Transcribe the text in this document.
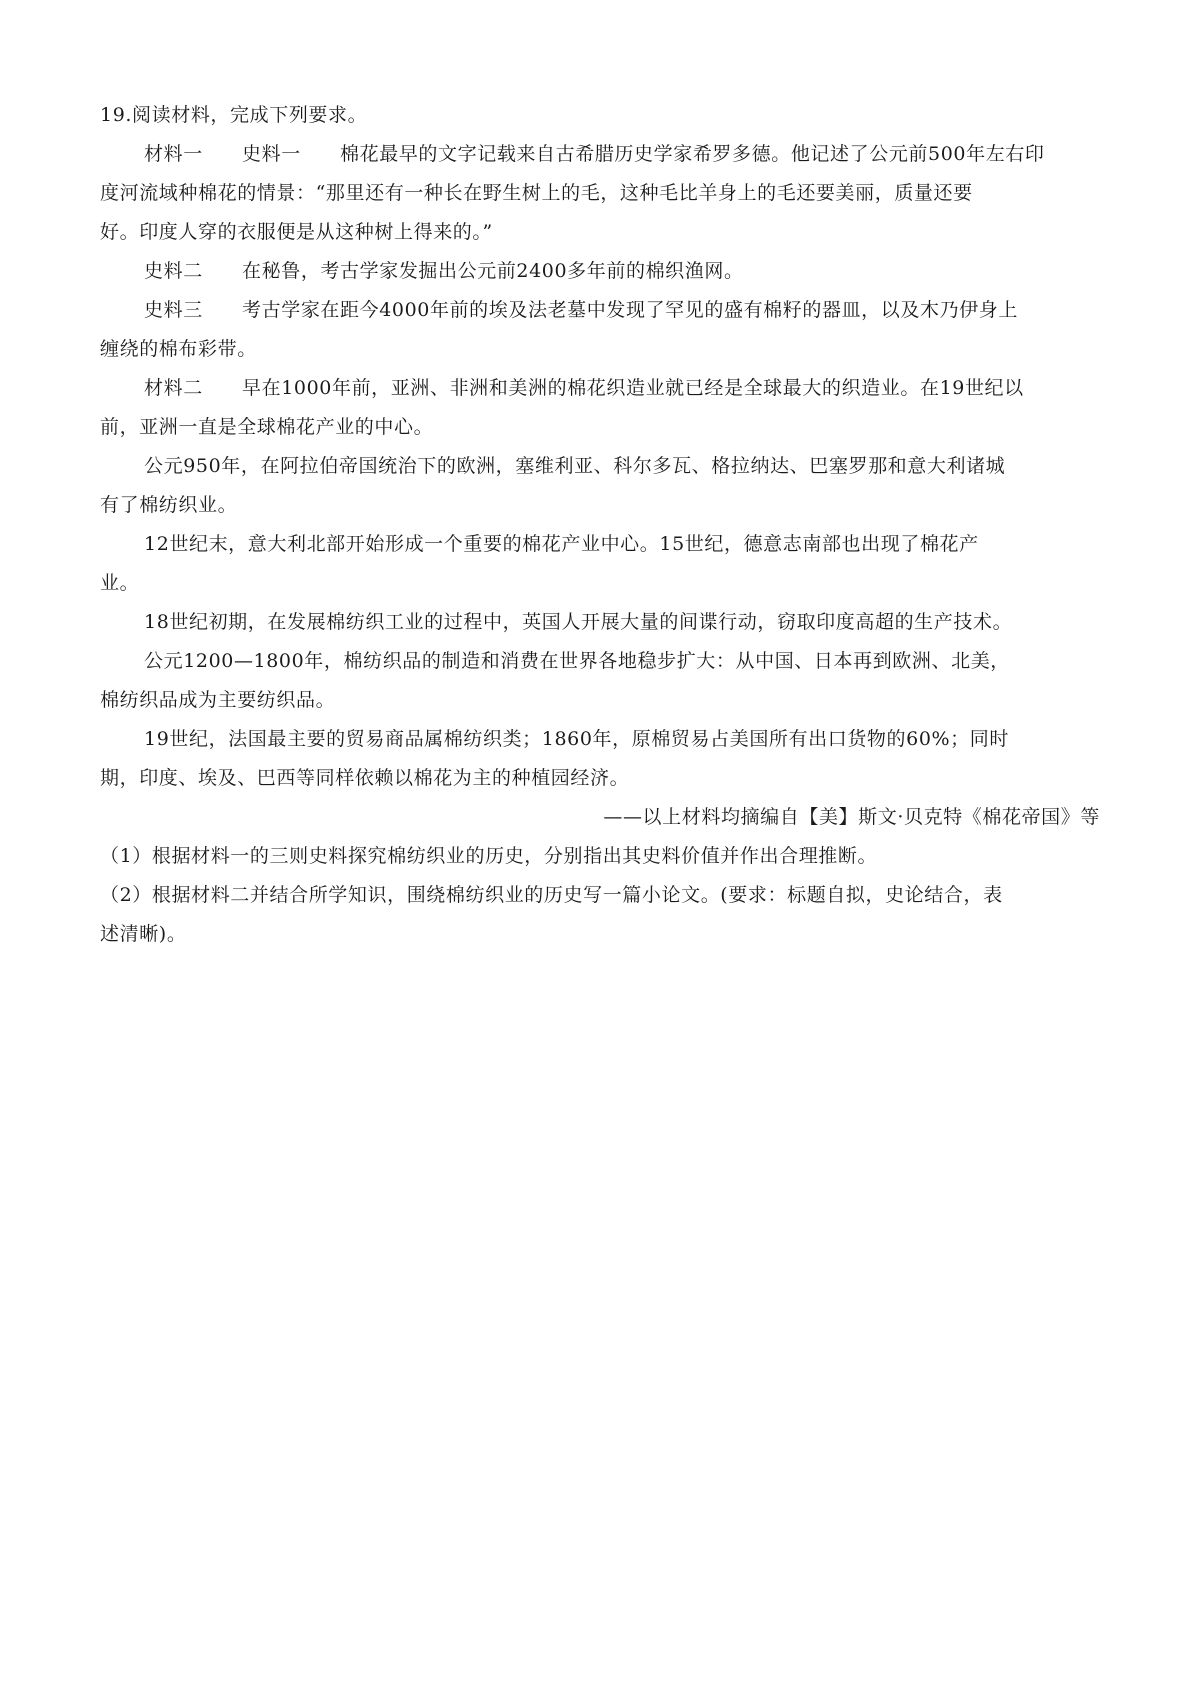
19.阅读材料，完成下列要求。

材料一　　 史料一　　 棉花最早的文字记载来自古希腊历史学家希罗多德。他记述了公元前500年左右印

度河流域种棉花的情景：“那里还有一种长在野生树上的毛，这种毛比羊身上的毛还要美丽，质量还要

好。印度人穿的衣服便是从这种树上得来的。”

史料二　　 在秘鲁，考古学家发掘出公元前2400多年前的棉织渔网。

史料三　　 考古学家在距今4000年前的埃及法老墓中发现了罕见的盛有棉籽的器皿，以及木乃伊身上

缠绕的棉布彩带。

材料二　　 早在1000年前，亚洲、非洲和美洲的棉花织造业就已经是全球最大的织造业。在19世纪以

前，亚洲一直是全球棉花产业的中心。

公元950年，在阿拉伯帝国统治下的欧洲，塞维利亚、科尔多瓦、格拉纳达、巴塞罗那和意大利诸城

有了棉纺织业。

12世纪末，意大利北部开始形成一个重要的棉花产业中心。15世纪，德意志南部也出现了棉花产

业。

18世纪初期，在发展棉纺织工业的过程中，英国人开展大量的间谍行动，窃取印度高超的生产技术。

公元1200—1800年，棉纺织品的制造和消费在世界各地稳步扩大：从中国、日本再到欧洲、北美，

棉纺织品成为主要纺织品。

19世纪，法国最主要的贸易商品属棉纺织类；1860年，原棉贸易占美国所有出口货物的60%；同时

期，印度、埃及、巴西等同样依赖以棉花为主的种植园经济。

——以上材料均摘编自【美】斯文·贝克特《棉花帝国》等

（1）根据材料一的三则史料探究棉纺织业的历史，分别指出其史料价值并作出合理推断。

（2）根据材料二并结合所学知识，围绕棉纺织业的历史写一篇小论文。(要求：标题自拟，史论结合，表

述清晰)。
